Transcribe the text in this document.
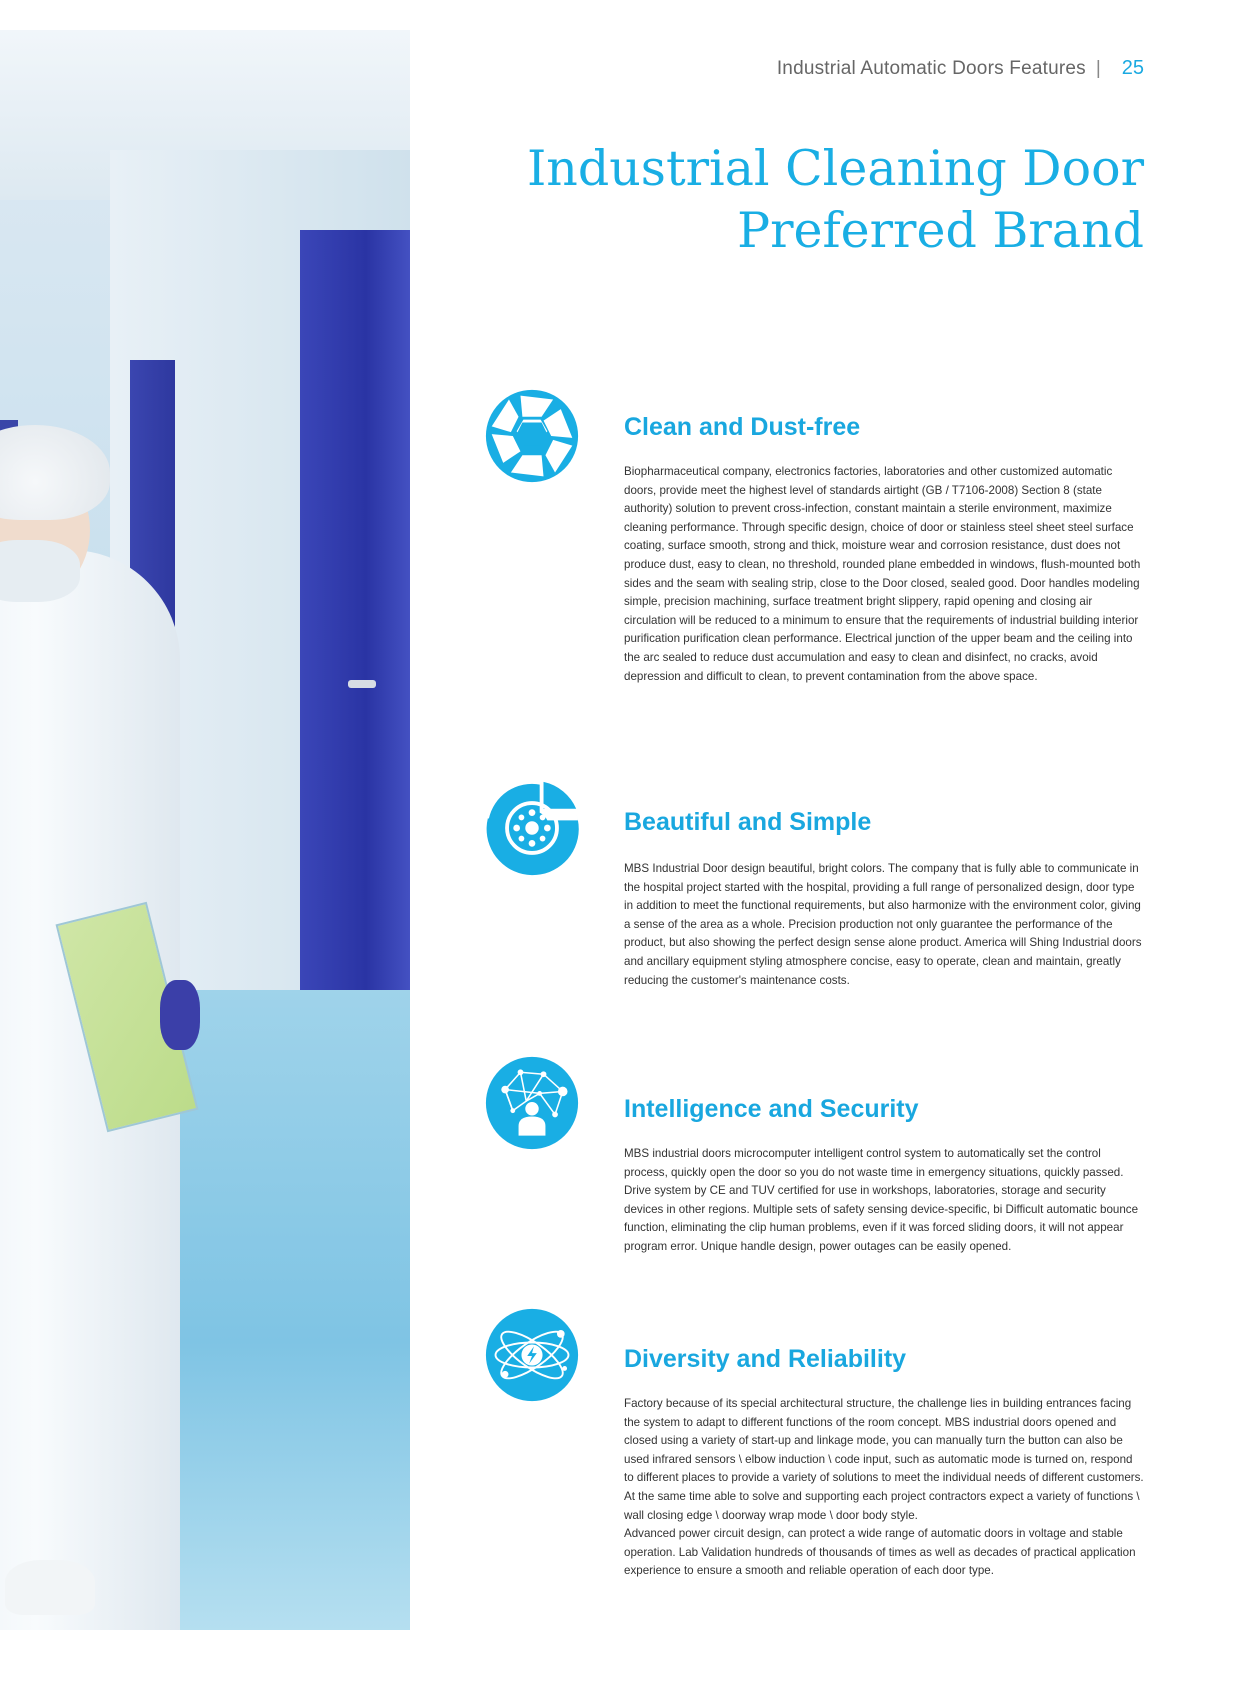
Industrial Automatic Doors Features |	25
Industrial Cleaning Door
Preferred Brand
Clean and Dust-free

Biopharmaceutical company, electronics factories, laboratories and other customized automatic doors, provide meet the highest level of standards airtight (GB / T7106-2008) Section 8 (state authority) solution to prevent cross-infection, constant maintain a sterile environment, maximize cleaning performance. Through specific design, choice of door or stainless steel sheet steel surface coating, surface smooth, strong and thick, moisture wear and corrosion resistance, dust does not produce dust, easy to clean, no threshold, rounded plane embedded in windows, flush-mounted both sides and the seam with sealing strip, close to the Door closed, sealed good. Door handles modeling simple, precision machining, surface treatment bright slippery, rapid opening and closing air circulation will be reduced to a minimum to ensure that the requirements of industrial building interior purification purification clean performance. Electrical junction of the upper beam and the ceiling into the arc sealed to reduce dust accumulation and easy to clean and disinfect, no cracks, avoid depression and difficult to clean, to prevent contamination from the above space.

Beautiful and Simple

MBS Industrial Door design beautiful, bright colors. The company that is fully able to communicate in the hospital project started with the hospital, providing a full range of personalized design, door type in addition to meet the functional requirements, but also harmonize with the environment color, giving a sense of the area as a whole. Precision production not only guarantee the performance of the product, but also showing the perfect design sense alone product. America will Shing Industrial doors and ancillary equipment styling atmosphere concise, easy to operate, clean and maintain, greatly reducing the customer's maintenance costs.

Intelligence and Security

MBS industrial doors microcomputer intelligent control system to automatically set the control process, quickly open the door so you do not waste time in emergency situations, quickly passed. Drive system by CE and TUV certified for use in workshops, laboratories, storage and security devices in other regions. Multiple sets of safety sensing device-specific, bi Difficult automatic bounce function, eliminating the clip human problems, even if it was forced sliding doors, it will not appear program error. Unique handle design, power outages can be easily opened.

Diversity and Reliability

Factory because of its special architectural structure, the challenge lies in building entrances facing the system to adapt to different functions of the room concept. MBS industrial doors opened and closed using a variety of start-up and linkage mode, you can manually turn the button can also be used infrared sensors \ elbow induction \ code input, such as automatic mode is turned on, respond to different places to provide a variety of solutions to meet the individual needs of different customers. At the same time able to solve and supporting each project contractors expect a variety of functions \ wall closing edge \ doorway wrap mode \ door body style.
Advanced power circuit design, can protect a wide range of automatic doors in voltage and stable operation. Lab Validation hundreds of thousands of times as well as decades of practical application experience to ensure a smooth and reliable operation of each door type.
